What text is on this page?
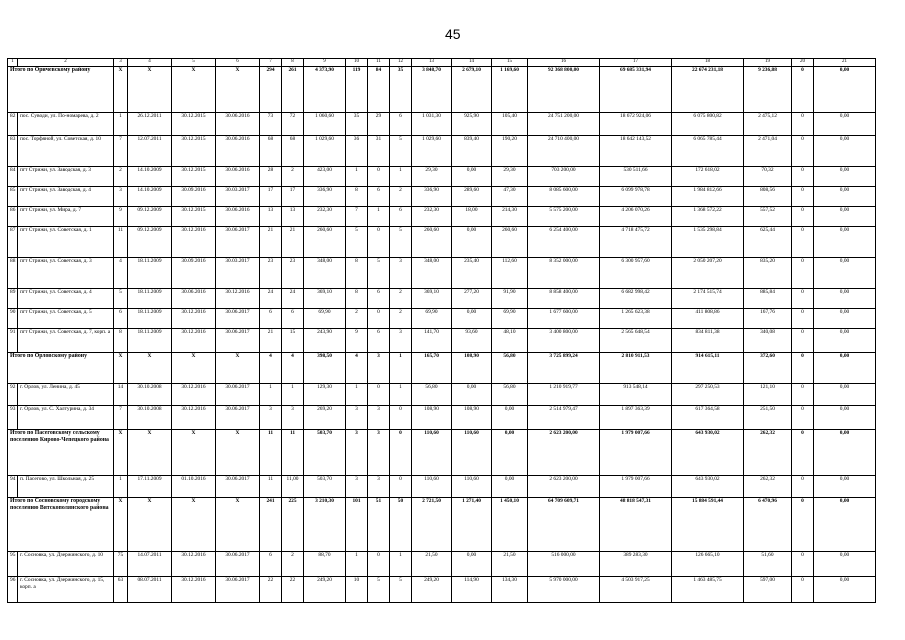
45
1	2	3	4	5	6	7	8	9	10	11	12	13	14	15	16	17	18	19	20	21
Итого по Оричевскому району		X	X	X	X	294	261	4 373,90	119	84	35	3 848,70	2 679,10	1 169,60	92 368 800,00	69 685 331,94	22 674 231,18	9 236,88	0	0,00
82	пос. Суводи, ул. По-номарева, д. 2	1	26.12.2011	30.12.2015	30.06.2016	73	72	1 060,60	35	29	6	1 031,30	925,90	105,40	24 751 200,00	18 672 924,06	6 075 800,82	2 475,12	0	0,00
83	пос. Торфяной, ул. Советская, д. 10	7	12.07.2011	30.12.2015	30.06.2016	68	68	1 029,60	36	31	5	1 029,60	839,40	190,20	24 710 400,00	18 642 143,52	6 065 785,44	2 471,04	0	0,00
84	пгт Стрижи, ул. Заводская, д. 3	2	14.10.2009	30.12.2015	30.06.2016	28	2	423,00	1	0	1	29,30	0,00	29,30	703 200,00	530 511,66	172 618,02	70,32	0	0,00
85	пгт Стрижи, ул. Заводская, д. 4	3	14.10.2009	30.09.2016	30.03.2017	17	17	336,90	8	6	2	336,90	289,60	47,30	8 085 600,00	6 099 978,78	1 984 812,66	808,56	0	0,00
86	пгт Стрижи, ул. Мира, д. 7	9	09.12.2009	30.12.2015	30.06.2016	13	13	232,30	7	1	6	232,30	18,00	214,30	5 575 200,00	4 206 070,26	1 368 572,22	557,52	0	0,00
87	пгт Стрижи, ул. Советская, д. 1	11	09.12.2009	30.12.2016	30.06.2017	21	21	260,60	5	0	5	260,60	0,00	260,60	6 254 400,00	4 718 475,72	1 535 298,84	625,44	0	0,00
88	пгт Стрижи, ул. Советская, д. 3	4	18.11.2009	30.09.2016	30.03.2017	23	23	348,00	8	5	3	348,00	235,40	112,60	8 352 000,00	6 300 957,60	2 050 207,20	835,20	0	0,00
89	пгт Стрижи, ул. Советская, д. 4	5	18.11.2009	30.06.2016	30.12.2016	24	24	369,10	8	6	2	369,10	277,20	91,90	8 858 400,00	6 682 998,42	2 174 515,74	885,84	0	0,00
90	пгт Стрижи, ул. Советская, д. 5	6	18.11.2009	30.12.2016	30.06.2017	6	6	69,90	2	0	2	69,90	0,00	69,90	1 677 600,00	1 265 623,38	411 808,86	167,76	0	0,00
91	пгт Стрижи, ул. Советская, д. 7, корп. а	8	18.11.2009	30.12.2016	30.06.2017	21	15	243,90	9	6	3	141,70	93,60	48,10	3 400 800,00	2 565 648,54	834 811,38	340,08	0	0,00
Итого по Орловскому району		X	X	X	X	4	4	398,50	4	3	1	165,70	108,90	56,80	3 725 899,24	2 810 911,53	914 615,11	372,60	0	0,00
92	г. Орлов, ул. Ленина, д. 45	14	30.10.2008	30.12.2016	30.06.2017	1	1	129,30	1	0	1	56,80	0,00	56,80	1 210 919,77	913 548,14	297 250,53	121,10	0	0,00
93	г. Орлов, ул. С. Халтурина, д. 34	7	30.10.2008	30.12.2016	30.06.2017	3	3	269,20	3	3	0	108,90	108,90	0,00	2 514 979,47	1 897 363,39	617 364,58	251,50	0	0,00
Итого по Пасеговскому сельскому поселению Кирово-Чепецкого района		X	X	X	X	11	11	503,70	3	3	0	110,60	110,60	0,00	2 623 200,00	1 979 007,66	643 930,02	262,32	0	0,00
94	п. Пасегово, ул. Школьная, д. 25	1	17.11.2009	01.10.2016	30.06.2017	11	11,00	503,70	3	3	0	110,60	110,60	0,00	2 623 200,00	1 979 007,66	643 930,02	262,32	0	0,00
Итого по Сосновскому городскому поселению Вятскополянского района		X	X	X	X	241	225	3 210,30	101	51	50	2 721,50	1 271,40	1 450,10	64 709 609,71	48 818 547,31	15 884 591,44	6 470,96	0	0,00
95	г. Сосновка, ул. Дзержинского, д. 10	75	14.07.2011	30.12.2016	30.06.2017	6	2	88,70	1	0	1	21,50	0,00	21,50	516 000,00	389 283,30	126 665,10	51,60	0	0,00
96	г. Сосновка, ул. Дзержинского, д. 15, корп. а	63	08.07.2011	30.12.2016	30.06.2017	22	22	249,20	10	5	5	249,20	114,90	134,30	5 970 000,00	4 503 917,25	1 463 485,75	597,00	0	0,00
